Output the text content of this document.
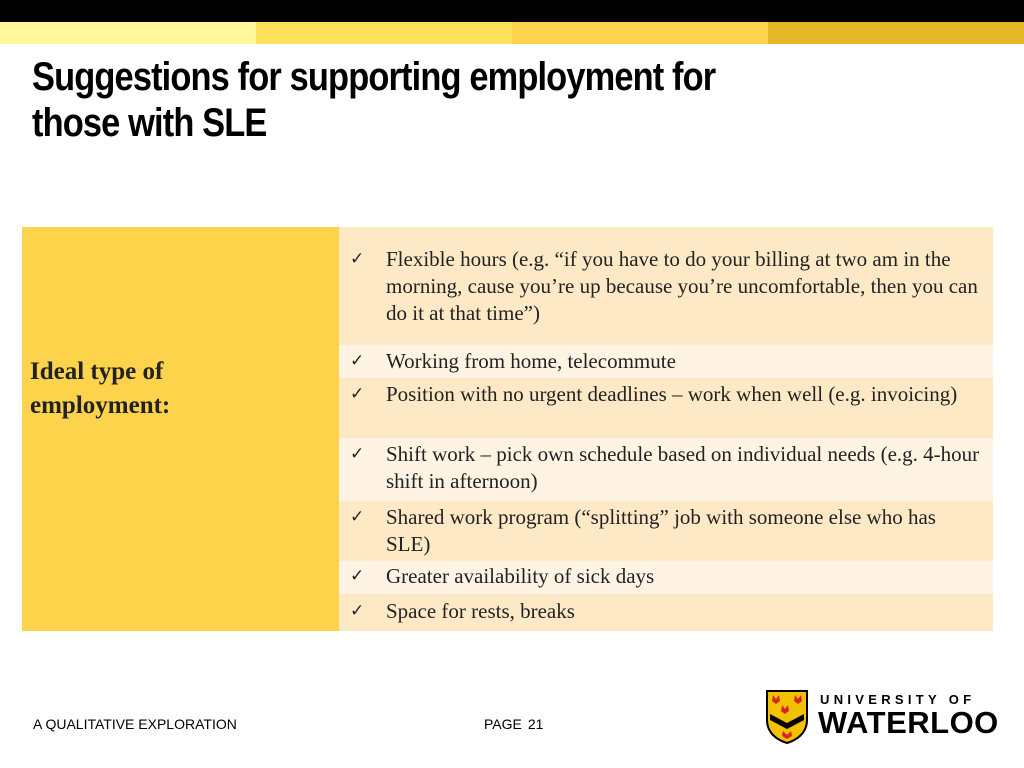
Suggestions for supporting employment for those with SLE

Ideal type of employment:

✓	Flexible hours (e.g. “if you have to do your billing at two am in the morning, cause you’re up because you’re uncomfortable, then you can do it at that time”)
✓	Working from home, telecommute
✓	Position with no urgent deadlines – work when well (e.g. invoicing)
✓	Shift work – pick own schedule based on individual needs (e.g. 4-hour shift in afternoon)
✓	Shared work program (“splitting” job with someone else who has SLE)
✓	Greater availability of sick days
✓	Space for rests, breaks
A QUALITATIVE EXPLORATION	PAGE 21
UNIVERSITY OF
WATERLOO
